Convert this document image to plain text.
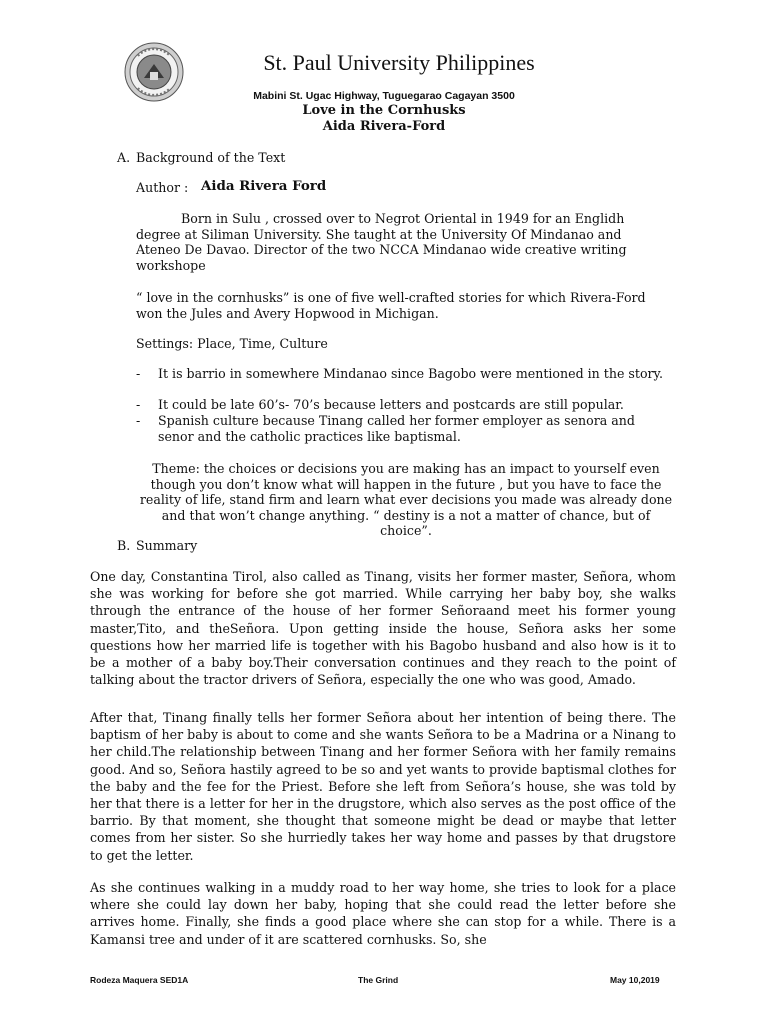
St. Paul University Philippines
Mabini St. Ugac Highway, Tuguegarao Cagayan 3500
Love in the Cornhusks
Aida Rivera-Ford
A. Background of the Text
Author : Aida Rivera Ford
Born in Sulu , crossed over to Negrot Oriental in 1949 for an Englidh degree at Siliman University. She taught at the University Of Mindanao and Ateneo De Davao. Director of the two NCCA Mindanao wide creative writing workshope
“ love in the cornhusks” is one of five well-crafted stories for which Rivera-Ford won the Jules and Avery Hopwood in Michigan.
Settings: Place, Time, Culture
- It is barrio in somewhere Mindanao since Bagobo were mentioned in the story.
- It could be late 60’s- 70’s because letters and postcards are still popular.
- Spanish culture because Tinang called her former employer as senora and senor and the catholic practices like baptismal.
Theme: the choices or decisions you are making has an impact to yourself even though you don’t know what will happen in the future , but you have to face the reality of life, stand firm and learn what ever decisions you made was already done and that won’t change anything. “ destiny is a not a matter of chance, but of choice”.
B. Summary
One day, Constantina Tirol, also called as Tinang, visits her former master, Señora, whom she was working for before she got married. While carrying her baby boy, she walks through the entrance of the house of her former Señoraand meet his former young master,Tito, and theSeñora. Upon getting inside the house, Señora asks her some questions how her married life is together with his Bagobo husband and also how is it to be a mother of a baby boy.Their conversation continues and they reach to the point of talking about the tractor drivers of Señora, especially the one who was good, Amado.
After that, Tinang finally tells her former Señora about her intention of being there. The baptism of her baby is about to come and she wants Señora to be a Madrina or a Ninang to her child.The relationship between Tinang and her former Señora with her family remains good. And so, Señora hastily agreed to be so and yet wants to provide baptismal clothes for the baby and the fee for the Priest. Before she left from Señora’s house, she was told by her that there is a letter for her in the drugstore, which also serves as the post office of the barrio. By that moment, she thought that someone might be dead or maybe that letter comes from her sister. So she hurriedly takes her way home and passes by that drugstore to get the letter.
As she continues walking in a muddy road to her way home, she tries to look for a place where she could lay down her baby, hoping that she could read the letter before she arrives home. Finally, she finds a good place where she can stop for a while. There is a Kamansi tree and under of it are scattered cornhusks. So, she
Rodeza Maquera SED1A	The Grind	May 10,2019
